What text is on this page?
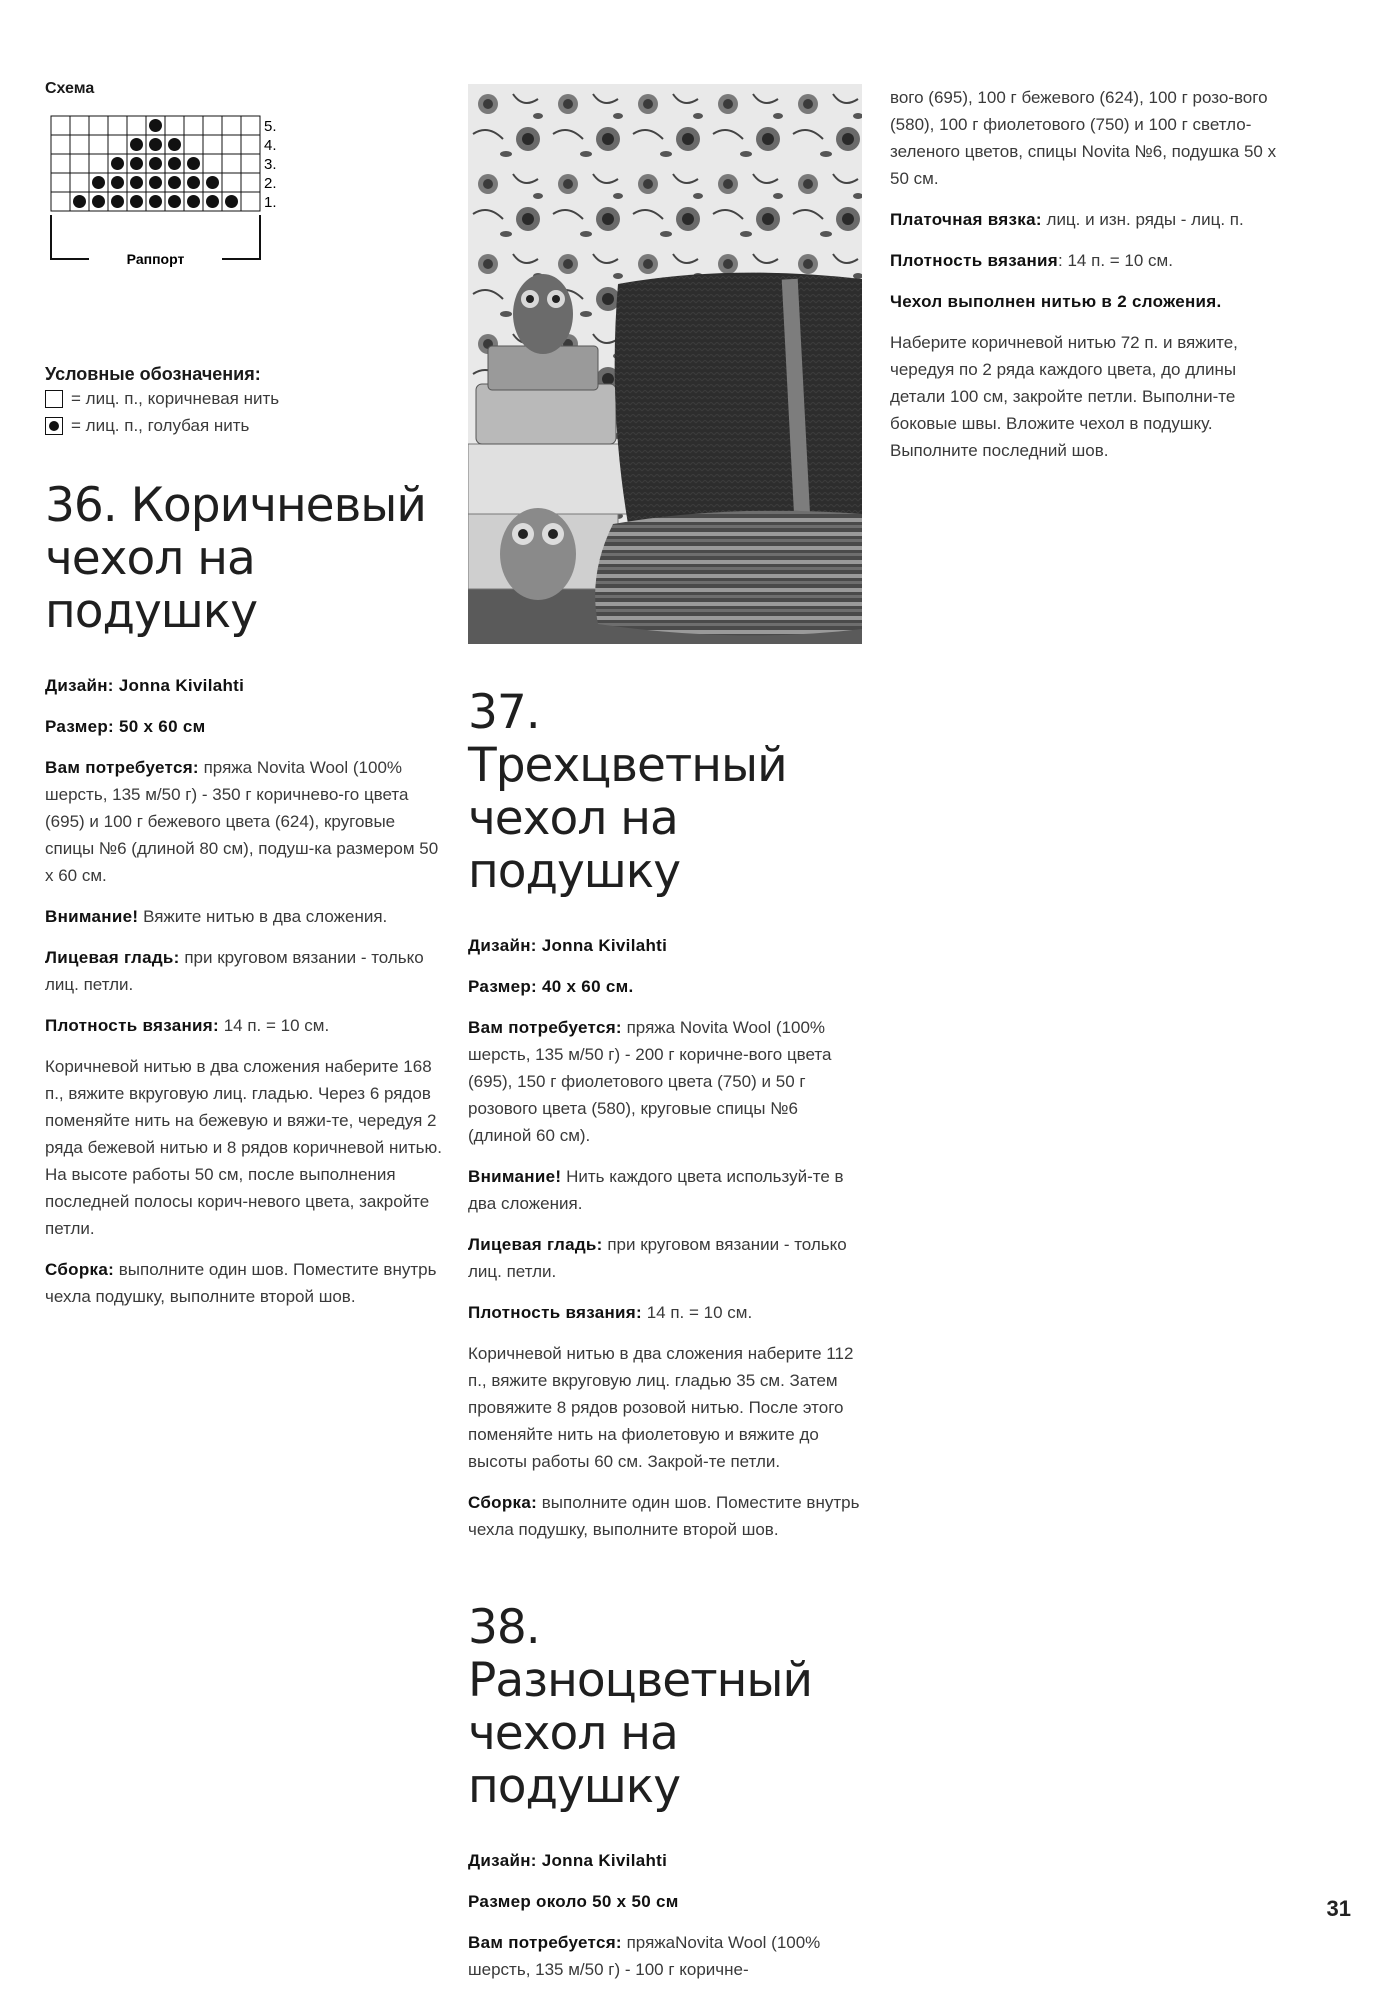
Схема
5.
4.
3.
2.
1.
Раппорт
Условные обозначения:
= лиц. п., коричневая нить
= лиц. п., голубая нить
36. Коричневый
чехол на подушку

Дизайн: Jonna Kivilahti

Размер: 50 х 60 см

Вам потребуется: пряжа Novita Wool (100% шерсть, 135 м/50 г) - 350 г коричнево-го цвета (695) и 100 г бежевого цвета (624), круговые спицы №6 (длиной 80 см), подуш-ка размером 50 х 60 см.

Внимание! Вяжите нитью в два сложения.

Лицевая гладь: при круговом вязании - только лиц. петли.

Плотность вязания: 14 п. = 10 см.

Коричневой нитью в два сложения наберите 168 п., вяжите вкруговую лиц. гладью. Через 6 рядов поменяйте нить на бежевую и вяжи-те, чередуя 2 ряда бежевой нитью и 8 рядов коричневой нитью. На высоте работы 50 см, после выполнения последней полосы корич-невого цвета, закройте петли.

Сборка: выполните один шов. Поместите внутрь чехла подушку, выполните второй шов.

37. Трехцветный
чехол на подушку

Дизайн: Jonna Kivilahti

Размер: 40 х 60 см.

Вам потребуется: пряжа Novita Wool (100% шерсть, 135 м/50 г) - 200 г коричне-вого цвета (695), 150 г фиолетового цвета (750) и 50 г розового цвета (580), круговые спицы №6 (длиной 60 см).

Внимание! Нить каждого цвета используй-те в два сложения.

Лицевая гладь: при круговом вязании - только лиц. петли.

Плотность вязания: 14 п. = 10 см.

Коричневой нитью в два сложения наберите 112 п., вяжите вкруговую лиц. гладью 35 см. Затем провяжите 8 рядов розовой нитью. После этого поменяйте нить на фиолетовую и вяжите до высоты работы 60 см. Закрой-те петли.

Сборка: выполните один шов. Поместите внутрь чехла подушку, выполните второй шов.

38. Разноцветный
чехол на подушку

Дизайн: Jonna Kivilahti

Размер около 50 х 50 см

Вам потребуется: пряжаNovita Wool (100% шерсть, 135 м/50 г) - 100 г коричне-

вого (695), 100 г бежевого (624), 100 г розо-вого (580), 100 г фиолетового (750) и 100 г светло-зеленого цветов, спицы Novita №6, подушка 50 х 50 см.

Платочная вязка: лиц. и изн. ряды - лиц. п.

Плотность вязания: 14 п. = 10 см.

Чехол выполнен нитью в 2 сложения.

Наберите коричневой нитью 72 п. и вяжите, чередуя по 2 ряда каждого цвета, до длины детали 100 см, закройте петли. Выполни-те боковые швы. Вложите чехол в подушку. Выполните последний шов.

31
